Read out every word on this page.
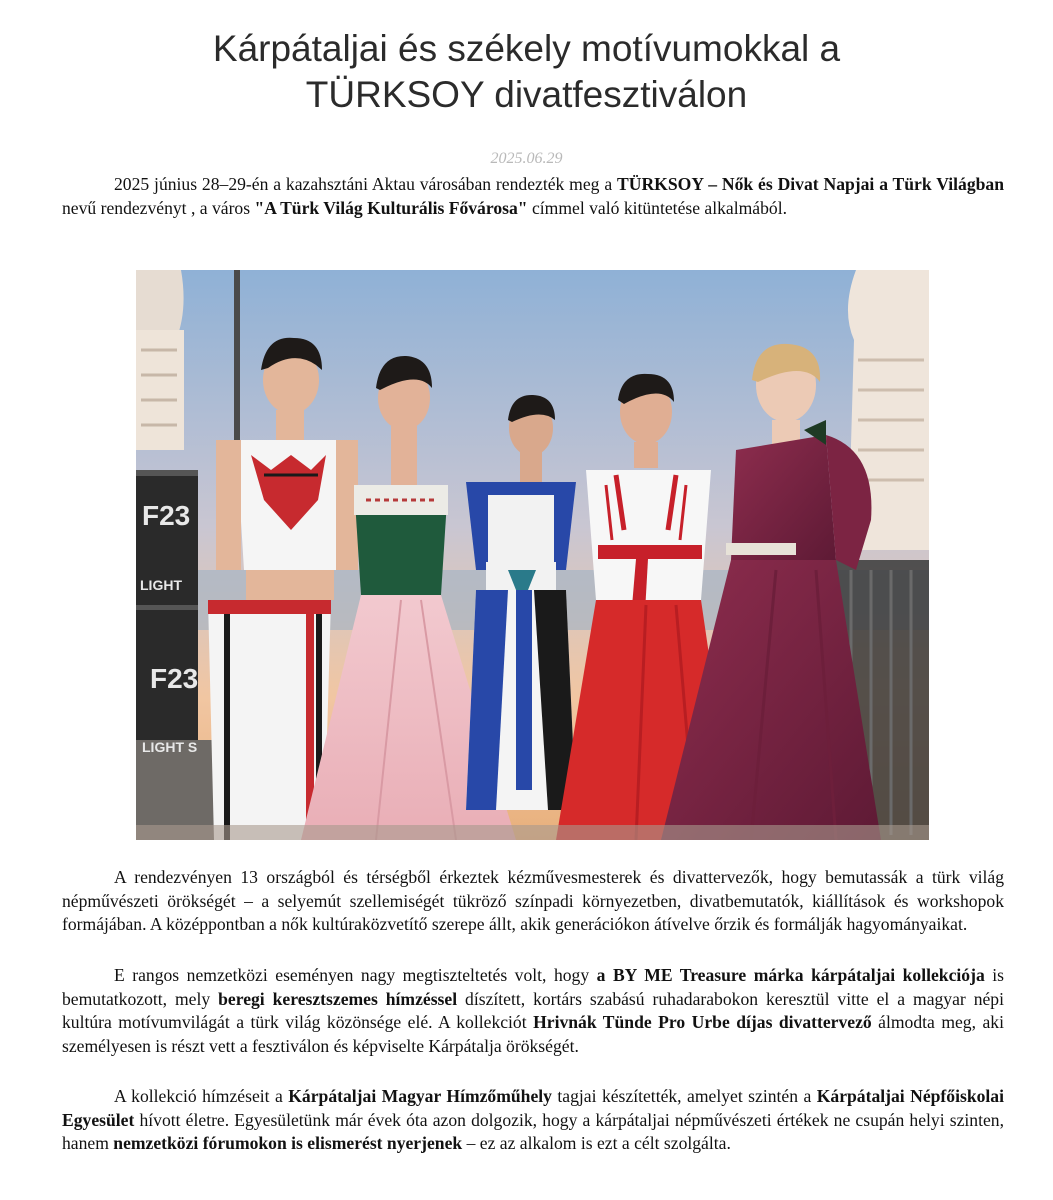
Kárpátaljai és székely motívumokkal a
TÜRKSOY divatfesztiválon
2025.06.29

2025 június 28–29-én a kazahsztáni Aktau városában rendezték meg a TÜRKSOY – Nők és Divat Napjai a Türk Világban nevű rendezvényt , a város "A Türk Világ Kulturális Fővárosa" címmel való kitüntetése alkalmából.

F23
LIGHT
F23
LIGHT S

A rendezvényen 13 országból és térségből érkeztek kézművesmesterek és divattervezők, hogy bemutassák a türk világ népművészeti örökségét – a selyemút szellemiségét tükröző színpadi környezetben, divatbemutatók, kiállítások és workshopok formájában. A középpontban a nők kultúraközvetítő szerepe állt, akik generációkon átívelve őrzik és formálják hagyományaikat.

E rangos nemzetközi eseményen nagy megtiszteltetés volt, hogy a BY ME Treasure márka kárpátaljai kollekciója is bemutatkozott, mely beregi keresztszemes hímzéssel díszített, kortárs szabású ruhadarabokon keresztül vitte el a magyar népi kultúra motívumvilágát a türk világ közönsége elé. A kollekciót Hrivnák Tünde Pro Urbe díjas divattervező álmodta meg, aki személyesen is részt vett a fesztiválon és képviselte Kárpátalja örökségét.

A kollekció hímzéseit a Kárpátaljai Magyar Hímzőműhely tagjai készítették, amelyet szintén a Kárpátaljai Népfőiskolai Egyesület hívott életre. Egyesületünk már évek óta azon dolgozik, hogy a kárpátaljai népművészeti értékek ne csupán helyi szinten, hanem nemzetközi fórumokon is elismerést nyerjenek – ez az alkalom is ezt a célt szolgálta.
